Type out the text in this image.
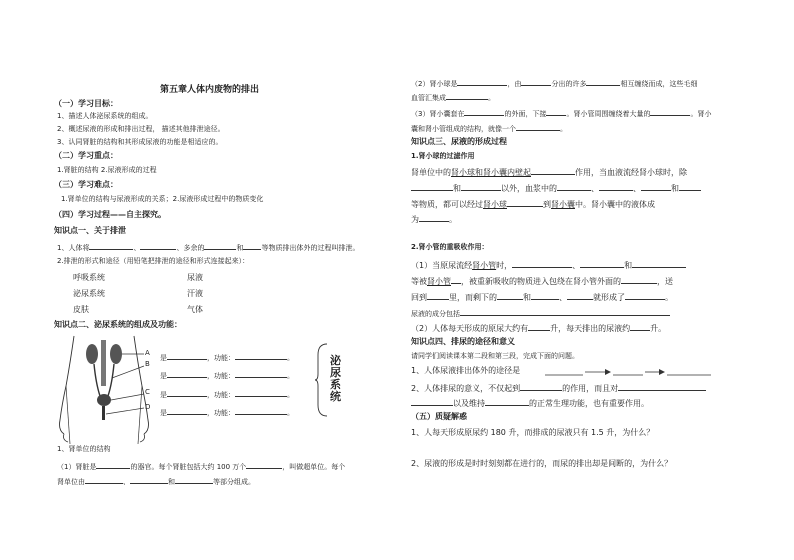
第五章人体内废物的排出
（一）学习目标：
1、描述人体泌尿系统的组成。
2、概述尿液的形成和排出过程， 描述其他排泄途径。
3、认同肾脏的结构和其形成尿液的功能是相适应的。
（二）学习重点：
1.肾脏的结构 2.尿液形成的过程
（三）学习难点：
1.肾单位的结构与尿液形成的关系；2.尿液形成过程中的物质变化
（四）学习过程——自主探究。
知识点一、关于排泄
1、人体将	、	、多余的	和	等物质排出体外的过程叫排泄。
2.排泄的形式和途径（用铅笔把排泄的途径和形式连接起来）：
呼吸系统	尿液
泌尿系统	汗液
皮肤	气体
知识点二、泌尿系统的组成及功能：
A
B
C
D
是	，功能：	。
是	，功能：	。
是	，功能：	。
是	，功能：	。
泌尿系统
1、肾单位的结构
（1）肾脏是	的器官。每个肾脏包括大约 100 万个	，叫做超单位。每个
肾单位由	、	和	等部分组成。
（2）肾小球是	，由	分出的许多	相互缠绕而成，这些毛细
血管汇集成	。
（3）肾小囊套在	的外面，下接	。肾小管周围缠绕着大量的	。肾小
囊和肾小管组成的结构，就像一个	。
知识点三、尿液的形成过程
1.肾小球的过滤作用
肾单位中的肾小球和肾小囊内壁起	作用，当血液流经肾小球时，除
和	以外，血浆中的	、	、	和
等物质，都可以经过肾小球	到肾小囊中。肾小囊中的液体成
为	。
2.肾小管的重吸收作用：
（1）当原尿流经肾小管时，	、	和
等被肾小管 ，被重新吸收的物质进入包绕在肾小管外面的	，送
回到	里，而剩下的	和	、	就形成了	。
尿液的成分包括
（2）人体每天形成的原尿大约有	升，每天排出的尿液约	升。
知识点四、排尿的途径和意义
请同学们阅读课本第二段和第三段，完成下面的问题。
1、人体尿液排出体外的途径是
2、人体排尿的意义，不仅起到	的作用，而且对
以及维持	的正常生理功能，也有重要作用。
（五）质疑解惑
1、人每天形成原尿约 180 升，而排成的尿液只有 1.5 升，为什么？
2、尿液的形成是时时刻刻都在进行的，而尿的排出却是间断的，为什么？
